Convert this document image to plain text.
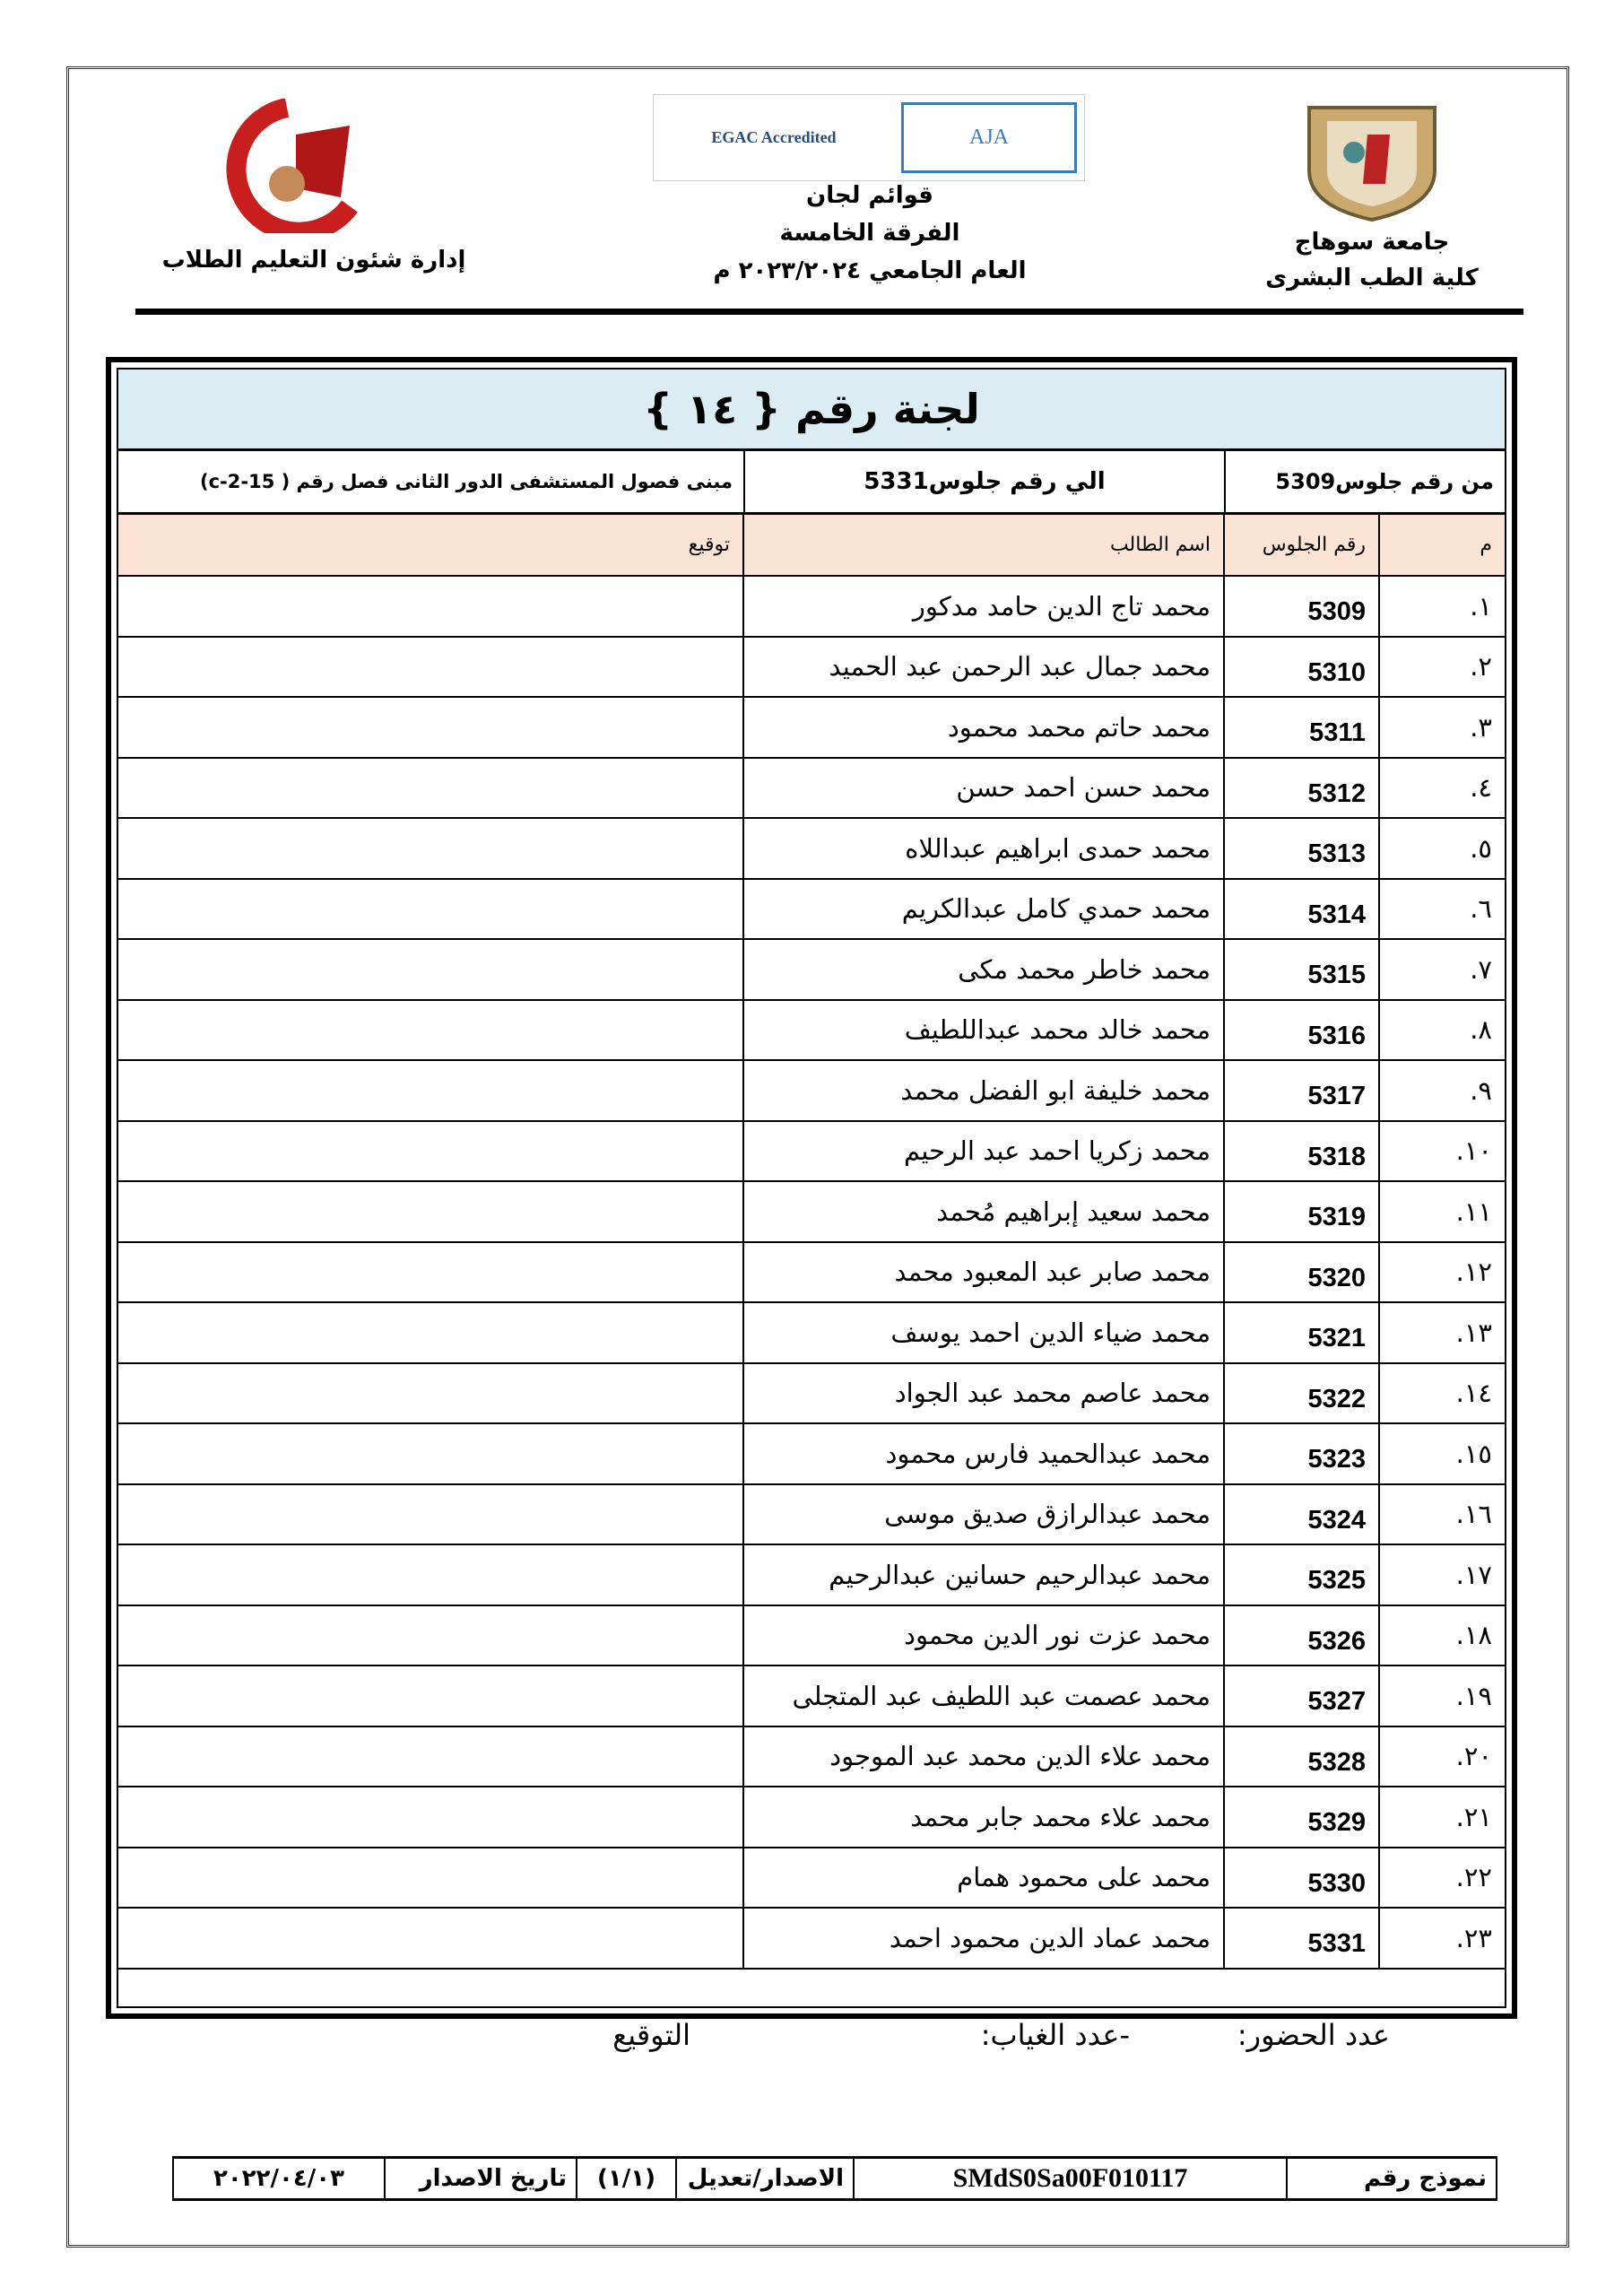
جامعة سوهاج
كلية الطب البشرى
EGAC Accredited	AJA
قوائم لجان
الفرقة الخامسة
العام الجامعي ٢٠٢٣/٢٠٢٤ م
إدارة شئون التعليم الطلاب
لجنة رقم { ١٤ }
من رقم جلوس5309
الي رقم جلوس5331
مبنى فصول المستشفى الدور الثانى فصل رقم ( 15-2-c)
م	رقم الجلوس	اسم الطالب	توقيع
١.	5309	محمد تاج الدين حامد مدكور	
٢.	5310	محمد جمال عبد الرحمن عبد الحميد	
٣.	5311	محمد حاتم محمد محمود	
٤.	5312	محمد حسن احمد حسن	
٥.	5313	محمد حمدى ابراهيم عبداللاه	
٦.	5314	محمد حمدي كامل عبدالكريم	
٧.	5315	محمد خاطر محمد مكى	
٨.	5316	محمد خالد محمد عبداللطيف	
٩.	5317	محمد خليفة ابو الفضل محمد	
١٠.	5318	محمد زكريا احمد عبد الرحيم	
١١.	5319	محمد سعيد إبراهيم مُحمد	
١٢.	5320	محمد صابر عبد المعبود محمد	
١٣.	5321	محمد ضياء الدين احمد يوسف	
١٤.	5322	محمد عاصم محمد عبد الجواد	
١٥.	5323	محمد عبدالحميد فارس محمود	
١٦.	5324	محمد عبدالرازق صديق موسى	
١٧.	5325	محمد عبدالرحيم حسانين عبدالرحيم	
١٨.	5326	محمد عزت نور الدين محمود	
١٩.	5327	محمد عصمت عبد اللطيف عبد المتجلى	
٢٠.	5328	محمد علاء الدين محمد عبد الموجود	
٢١.	5329	محمد علاء محمد جابر محمد	
٢٢.	5330	محمد على محمود همام	
٢٣.	5331	محمد عماد الدين محمود احمد	
عدد الحضور:
-عدد الغياب:
التوقيع
نموذج رقم
SMdS0Sa00F010117
الاصدار/تعديل
(١/١)
تاريخ الاصدار
٢٠٢٢/٠٤/٠٣
